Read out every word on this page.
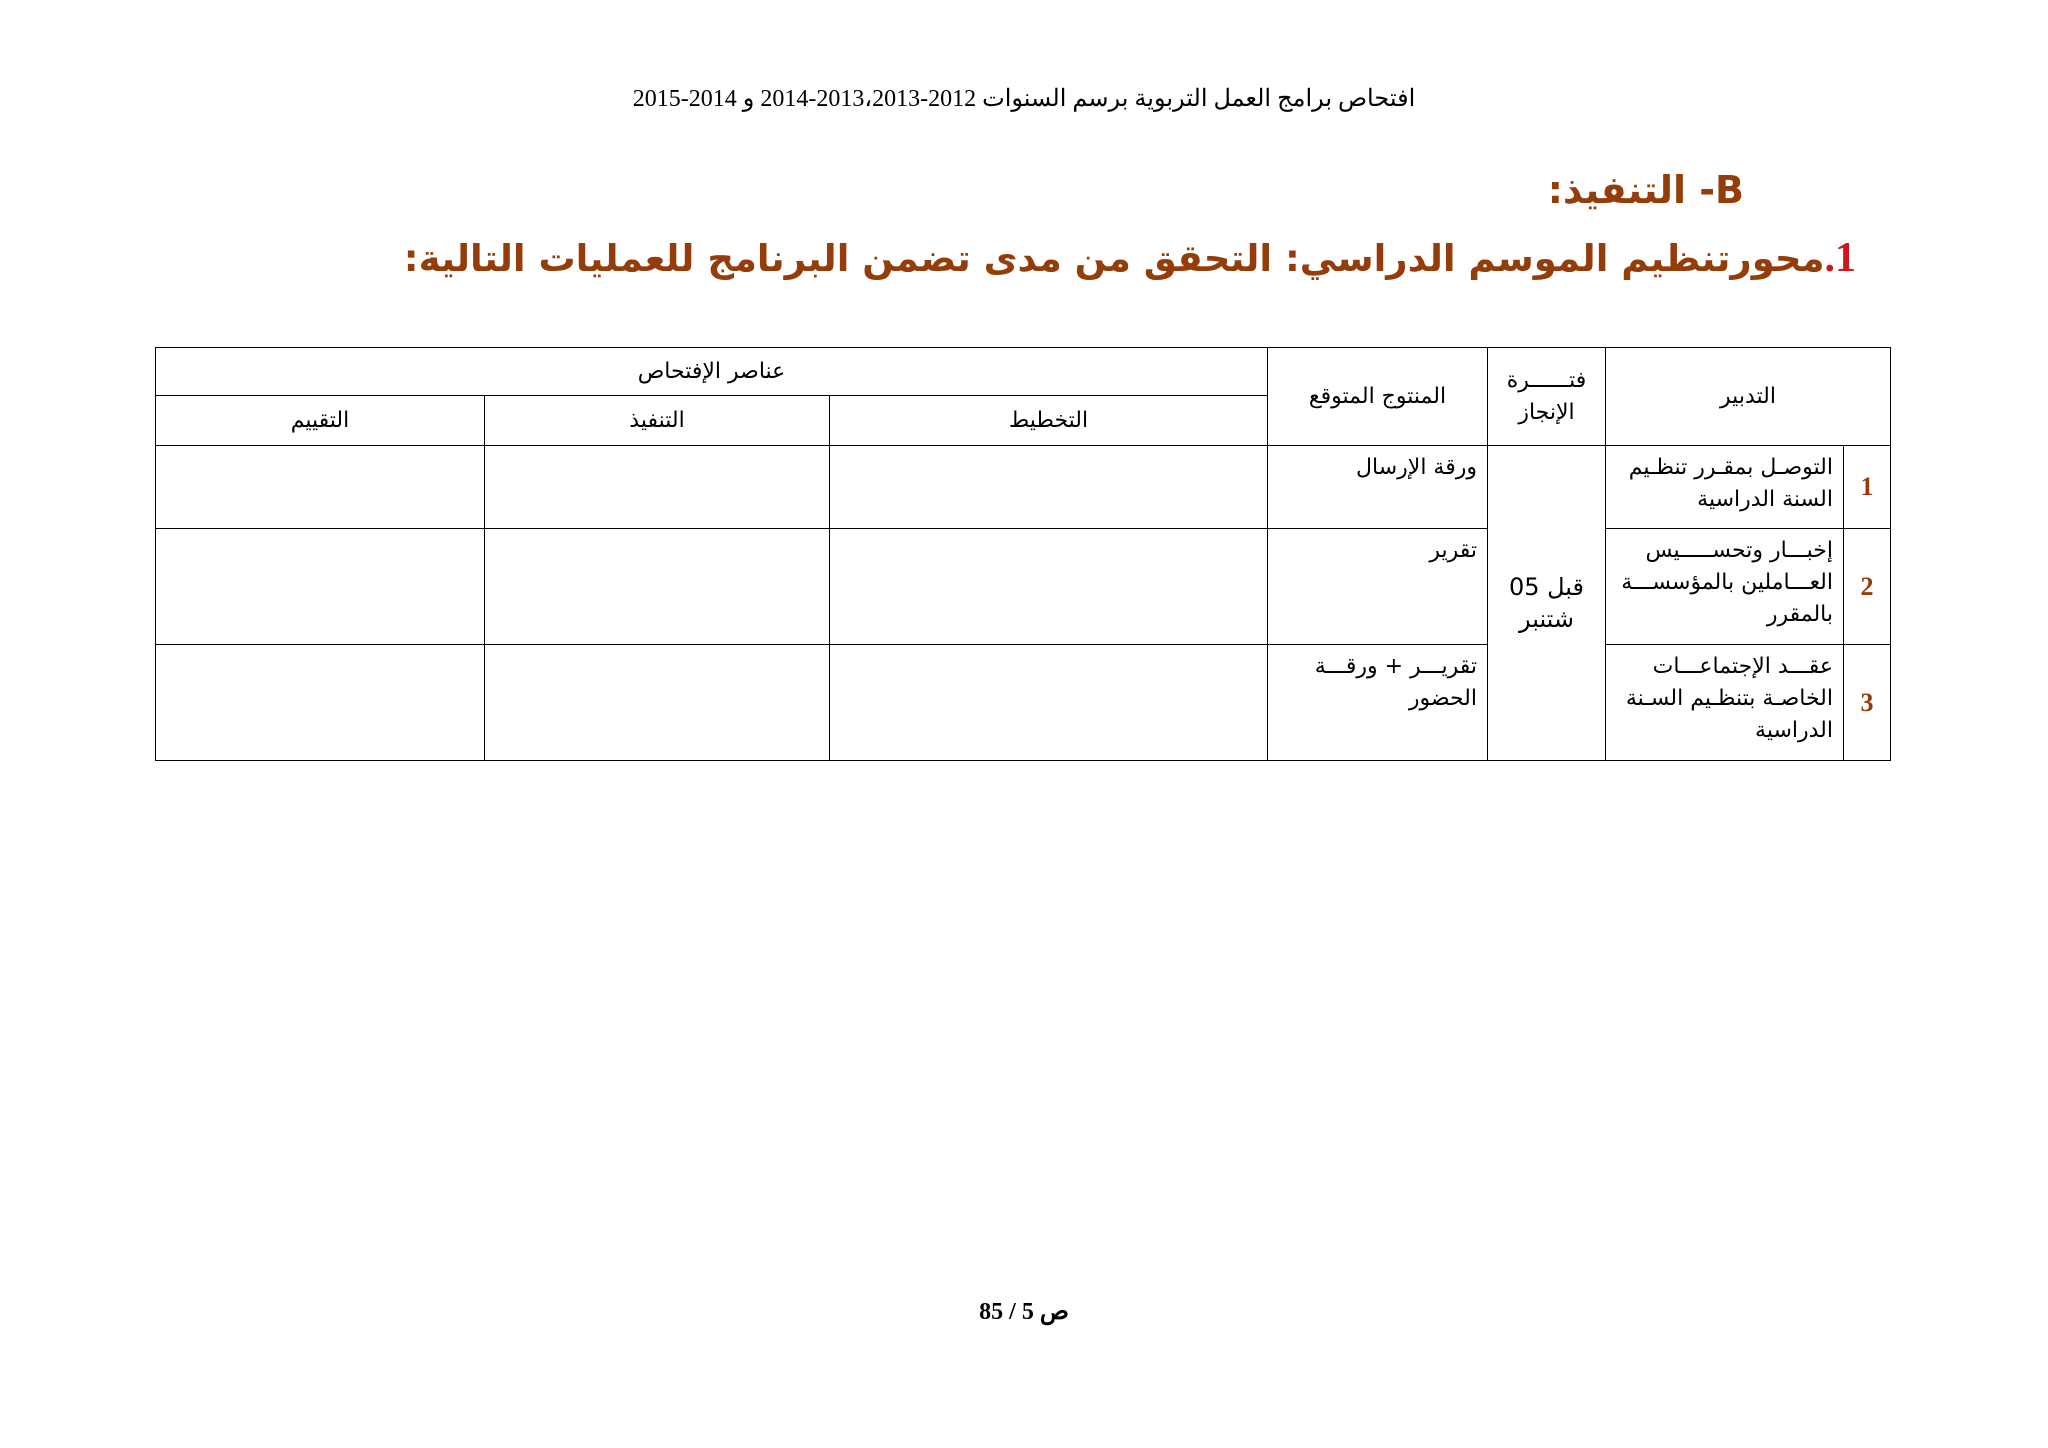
افتحاص برامج العمل التربوية برسم السنوات 2012-2013،2013-2014 و 2014-2015
B- التنفيذ:
1.محورتنظيم الموسم الدراسي: التحقق من مدى تضمن البرنامج للعمليات التالية:
التدبير		فتــــــرة الإنجاز	المنتوج المتوقع	عناصر الإفتحاص		
				التخطيط	التنفيذ	التقييم
1	التوصـل بمقـرر تنظـيم السنة الدراسية	قبل 05 شتنبر	ورقة الإرسال			
2	إخبـــار وتحســـــيس العـــاملين بالمؤسســـة بالمقرر		تقرير			
3	عقـــد الإجتماعـــات الخاصـة بتنظـيم السـنة الدراسية		تقريـــر + ورقـــة الحضور			
85 / 5 ص
